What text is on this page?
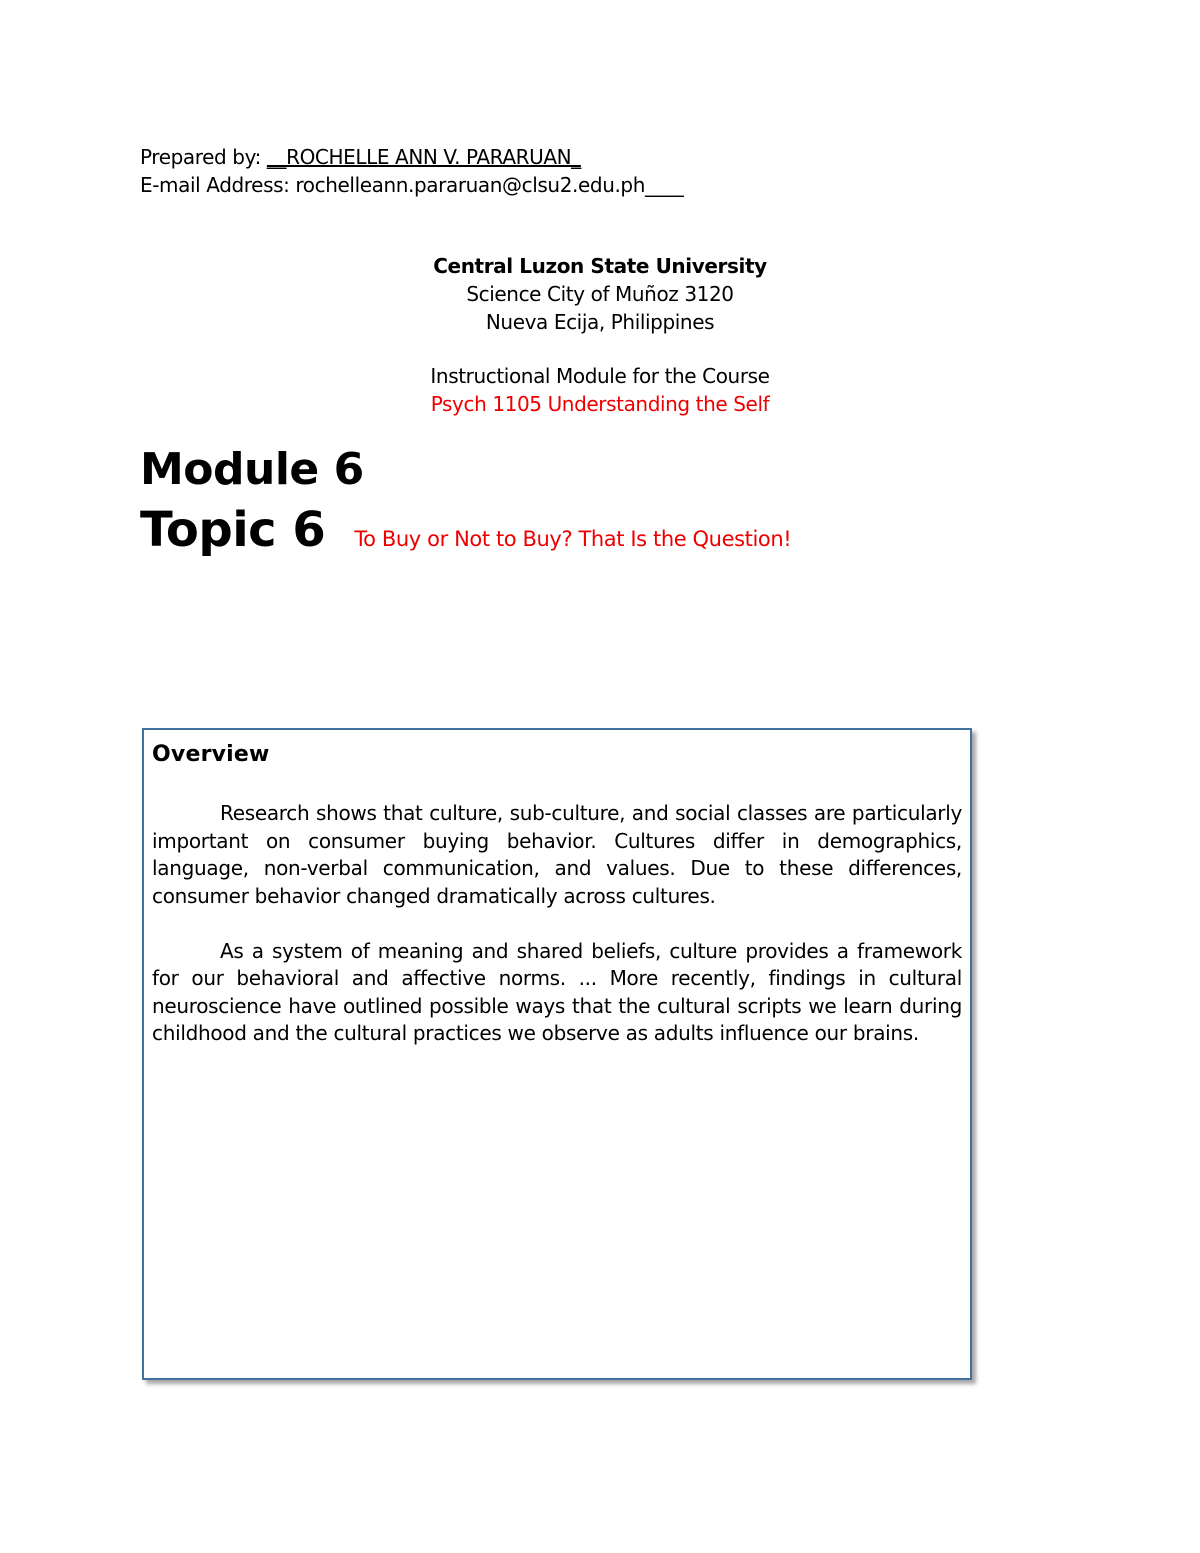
Prepared by: __ROCHELLE ANN V. PARARUAN_
E-mail Address: rochelleann.pararuan@clsu2.edu.ph____
Central Luzon State University
Science City of Muñoz 3120
Nueva Ecija, Philippines
Instructional Module for the Course
Psych 1105 Understanding the Self
Module 6
Topic 6 To Buy or Not to Buy? That Is the Question!
Overview

Research shows that culture, sub-culture, and social classes are particularly important on consumer buying behavior. Cultures differ in demographics, language, non-verbal communication, and values. Due to these differences, consumer behavior changed dramatically across cultures.

As a system of meaning and shared beliefs, culture provides a framework for our behavioral and affective norms. ... More recently, findings in cultural neuroscience have outlined possible ways that the cultural scripts we learn during childhood and the cultural practices we observe as adults influence our brains.
